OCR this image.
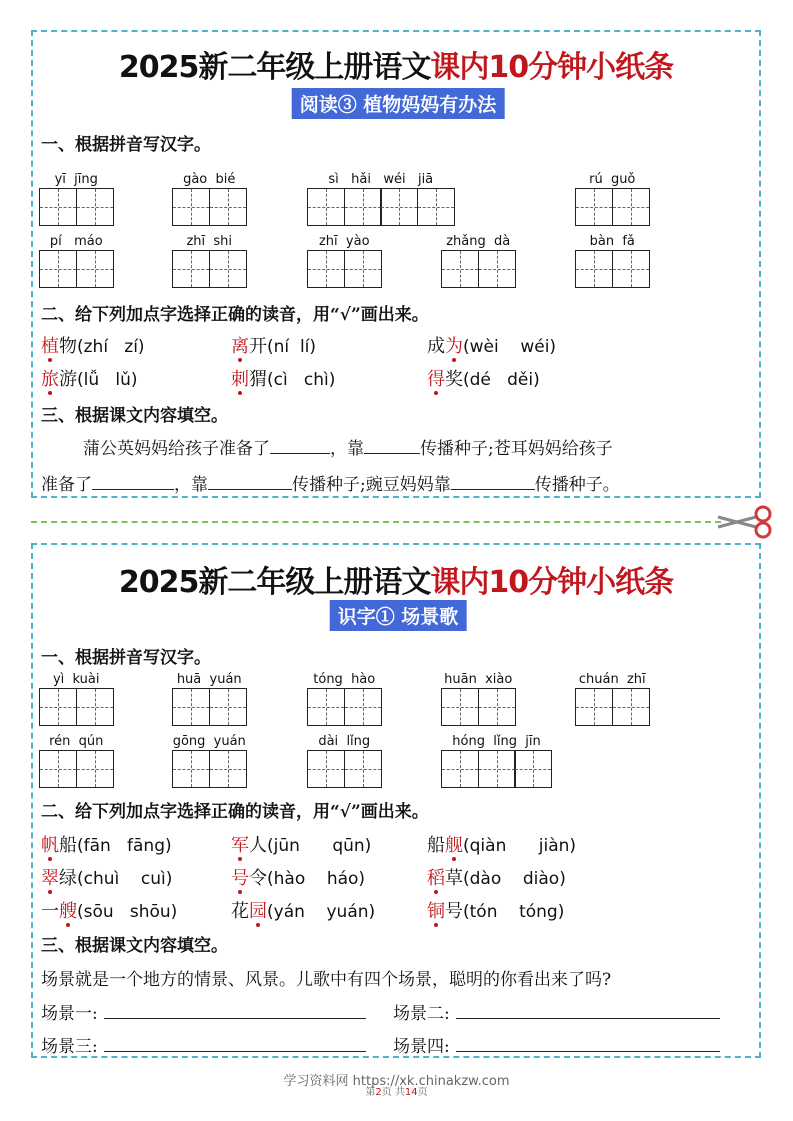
2025新二年级上册语文课内10分钟小纸条
阅读③ 植物妈妈有办法
一、根据拼音写汉字。
yī  jīng	gào  bié	sì   hǎi   wéi   jiā	rú  guǒ
pí   máo	zhī  shi	zhī  yào	zhǎng  dà	bàn  fǎ
二、给下列加点字选择正确的读音，用“√”画出来。
植物(zhí   zí)	离开(ní  lí)	成为(wèi    wéi)
旅游(lǚ   lǔ)	刺猬(cì   chì)	得奖(dé   děi)
三、根据课文内容填空。
蒲公英妈妈给孩子准备了	，靠	传播种子;苍耳妈妈给孩子
准备了	，靠	传播种子;豌豆妈妈靠	传播种子。
2025新二年级上册语文课内10分钟小纸条
识字① 场景歌
一、根据拼音写汉字。
yì  kuài	huā  yuán	tóng  hào	huān  xiào	chuán  zhī
rén  qún	gōng  yuán	dài  lǐng	hóng  lǐng  jīn
二、给下列加点字选择正确的读音，用“√”画出来。
帆船(fān   fāng)	军人(jūn      qūn)	船舰(qiàn      jiàn)
翠绿(chuì    cuì)	号令(hào    háo)	稻草(dào    diào)
一艘(sōu   shōu)	花园(yán    yuán)	铜号(tón    tóng)
三、根据课文内容填空。
场景就是一个地方的情景、风景。儿歌中有四个场景，聪明的你看出来了吗?
场景一:	场景二:
场景三:	场景四:
学习资料网 https://xk.chinakzw.com
第2页 共14页
